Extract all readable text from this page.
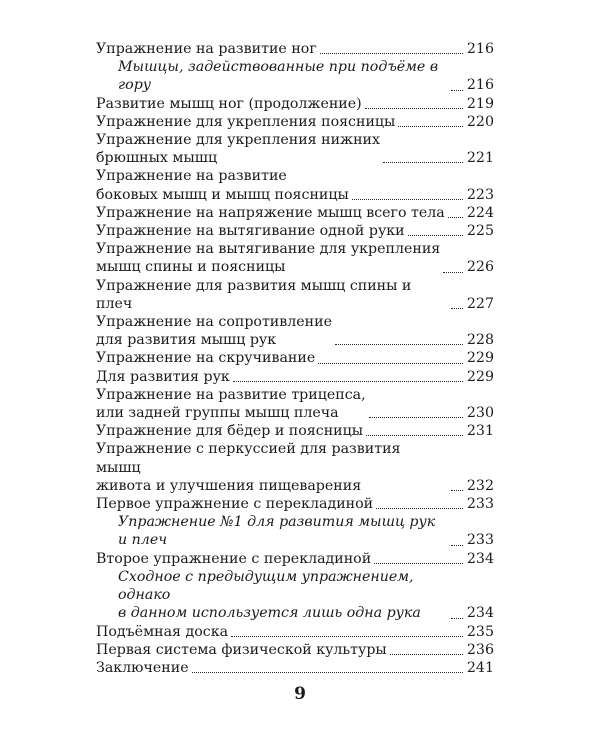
Упражнение на развитие ног	216
Мышцы, задействованные при подъёме в гору	216
Развитие мышц ног (продолжение)	219
Упражнение для укрепления поясницы	220
Упражнение для укрепления нижних
брюшных мышц	221
Упражнение на развитие
боковых мышц и мышц поясницы	223
Упражнение на напряжение мышц всего тела 224
Упражнение на вытягивание одной руки	225
Упражнение на вытягивание для укрепления
мышц спины и поясницы	226
Упражнение для развития мышц спины и плеч	227
Упражнение на сопротивление
для развития мышц рук	228
Упражнение на скручивание	229
Для развития рук	229
Упражнение на развитие трицепса,
или задней группы мышц плеча	230
Упражнение для бёдер и поясницы	231
Упражнение с перкуссией для развития мышц
живота и улучшения пищеварения	232
Первое упражнение с перекладиной	233
Упражнение №1 для развития мышц рук и плеч	233
Второе упражнение с перекладиной	234
Сходное с предыдущим упражнением, однако
в данном используется лишь одна рука	234
Подъёмная доска	235
Первая система физической культуры	236
Заключение	241
9
